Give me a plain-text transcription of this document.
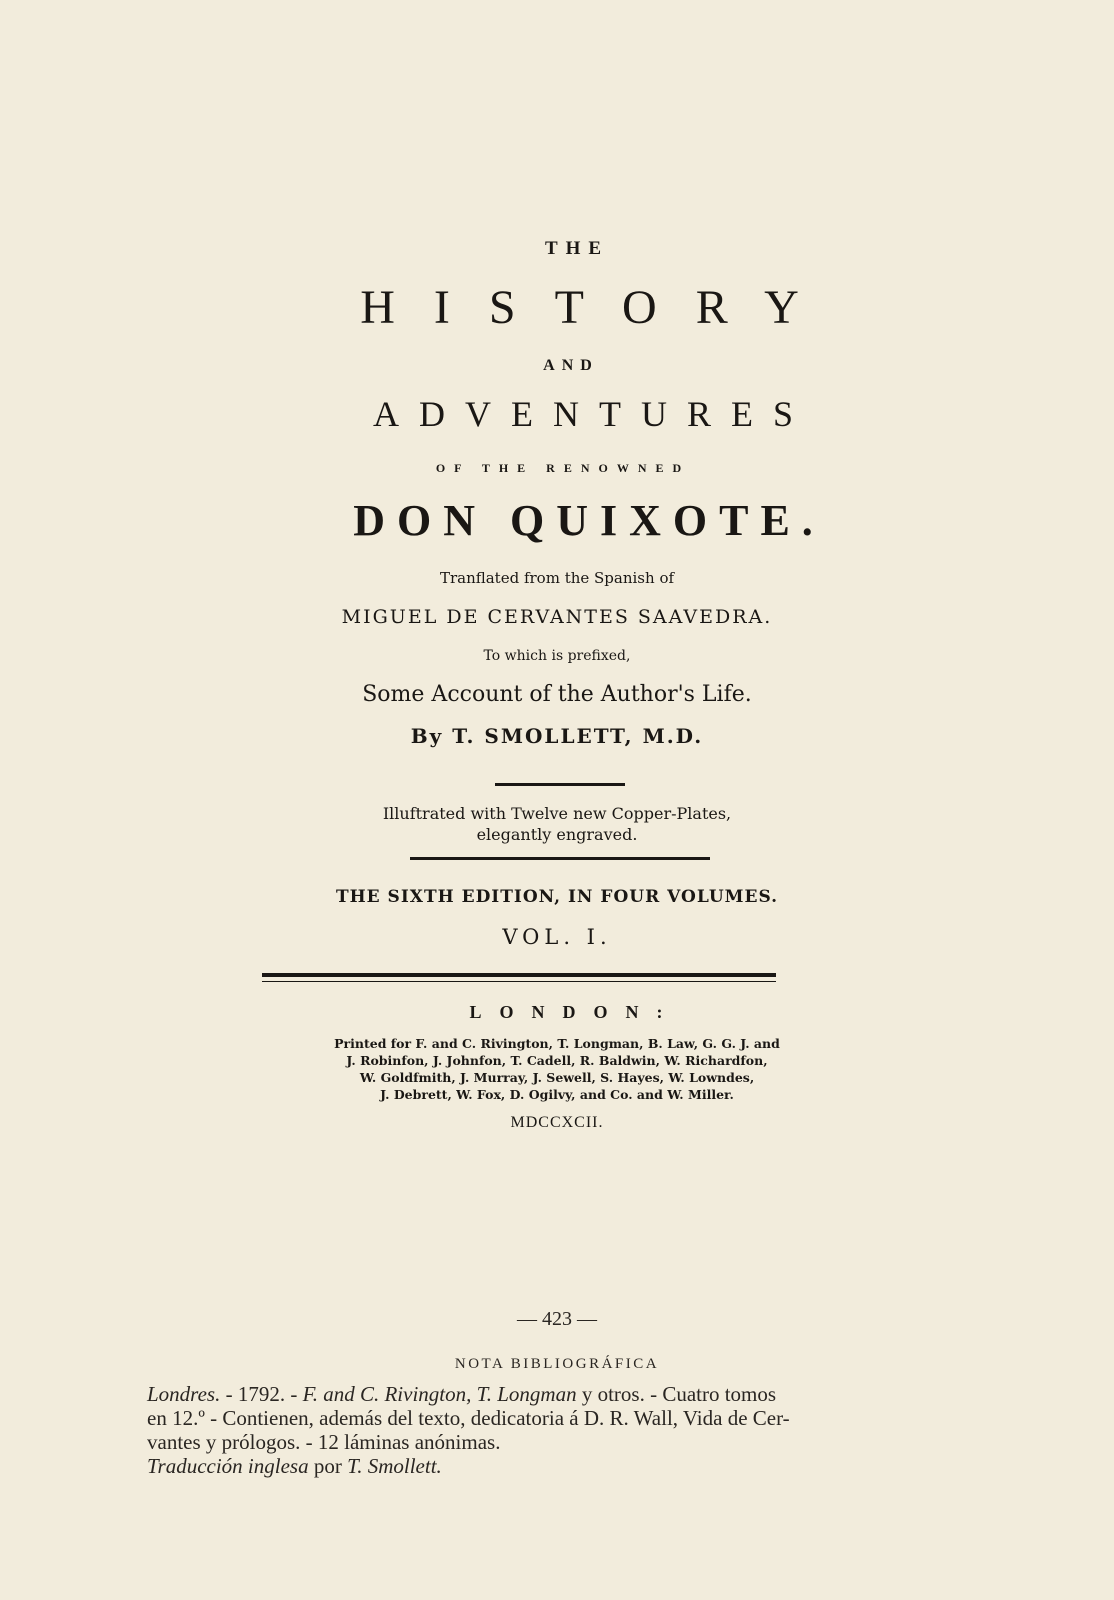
THE
HISTORY
AND
ADVENTURES
OF THE RENOWNED
DON QUIXOTE.
Tranflated from the Spanish of
MIGUEL DE CERVANTES SAAVEDRA.
To which is prefixed,
Some Account of the Author's Life.
By T. SMOLLETT, M.D.
Illuftrated with Twelve new Copper-Plates,
elegantly engraved.
THE SIXTH EDITION, IN FOUR VOLUMES.
VOL. I.
LONDON:
Printed for F. and C. Rivington, T. Longman, B. Law, G. G. J. and
J. Robinfon, J. Johnfon, T. Cadell, R. Baldwin, W. Richardfon,
W. Goldfmith, J. Murray, J. Sewell, S. Hayes, W. Lowndes,
J. Debrett, W. Fox, D. Ogilvy, and Co. and W. Miller.
MDCCXCII.
— 423 —
NOTA BIBLIOGRÁFICA

Londres. - 1792. - F. and C. Rivington, T. Longman y otros. - Cuatro tomos

en 12.º - Contienen, además del texto, dedicatoria á D. R. Wall, Vida de Cer-

vantes y prólogos. - 12 láminas anónimas.

Traducción inglesa por T. Smollett.
